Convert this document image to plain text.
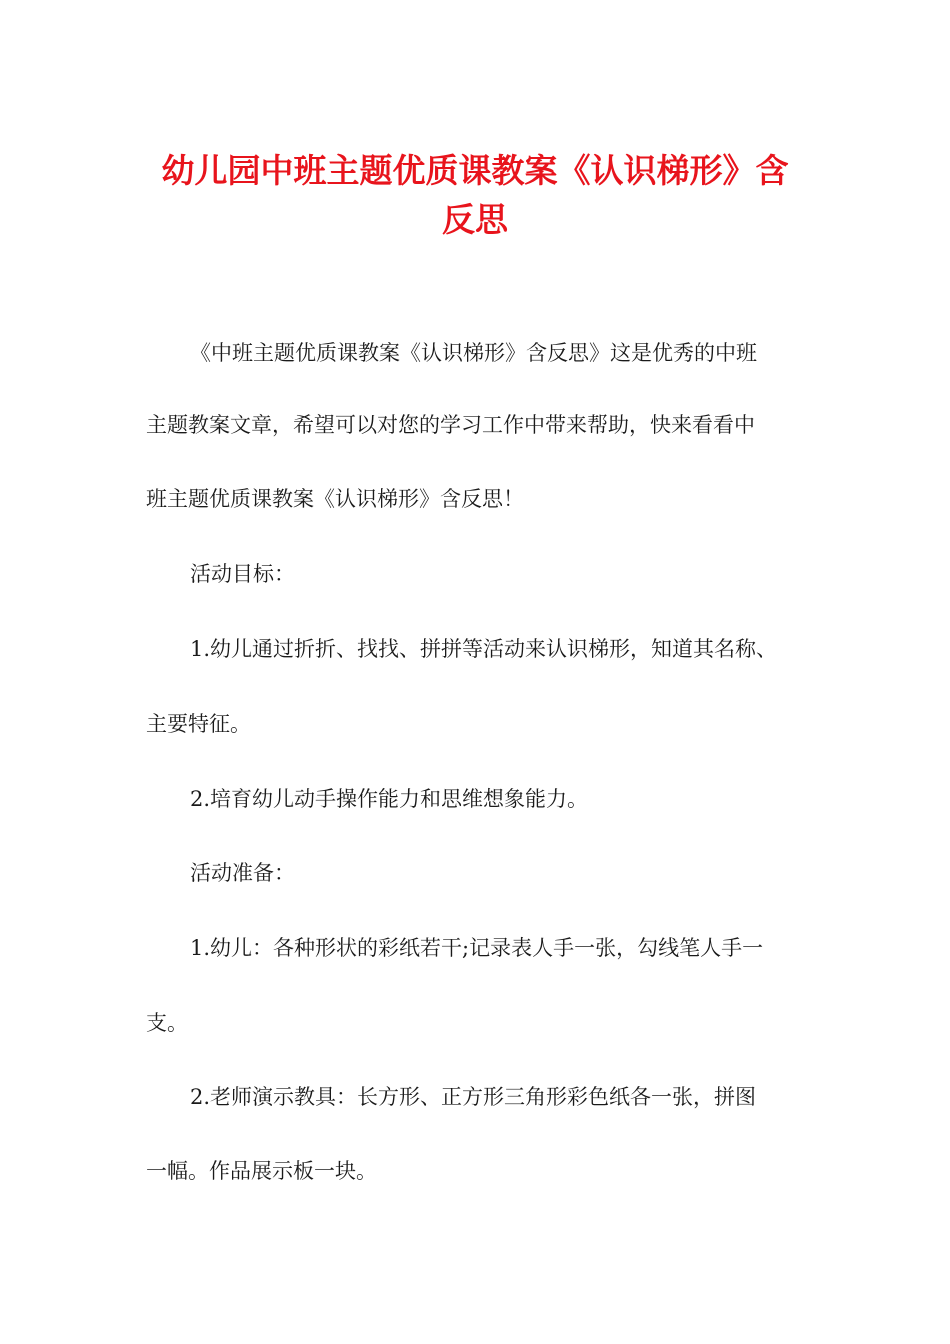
幼儿园中班主题优质课教案《认识梯形》含
反思

《中班主题优质课教案《认识梯形》含反思》这是优秀的中班

主题教案文章，希望可以对您的学习工作中带来帮助，快来看看中

班主题优质课教案《认识梯形》含反思！

活动目标：

1.幼儿通过折折、找找、拼拼等活动来认识梯形，知道其名称、

主要特征。

2.培育幼儿动手操作能力和思维想象能力。

活动准备：

1.幼儿：各种形状的彩纸若干;记录表人手一张，勾线笔人手一

支。

2.老师演示教具：长方形、正方形三角形彩色纸各一张，拼图

一幅。作品展示板一块。
